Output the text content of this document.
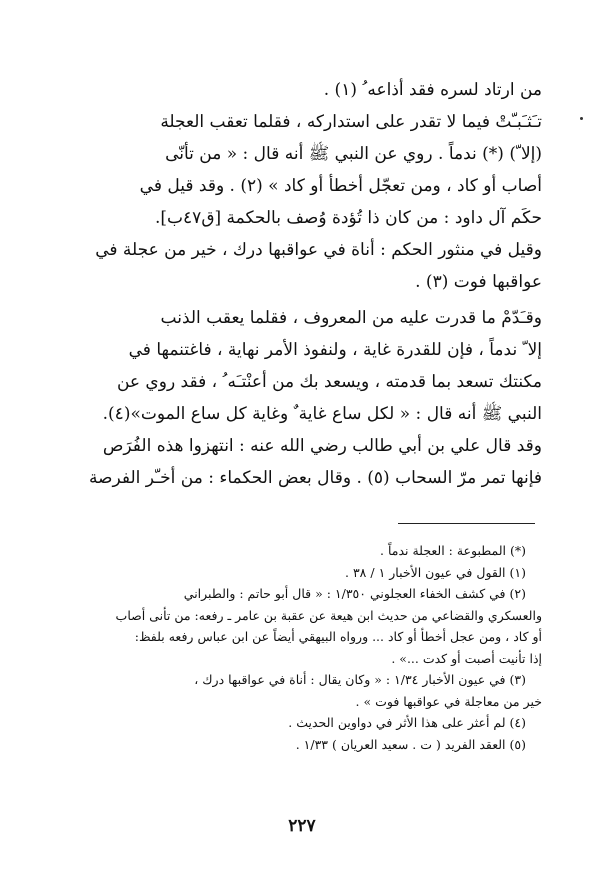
من ارتاد لسره فقد أذاعه ُ (١) .
تـَثـَبـّتْ فيما لا تقدر على استداركه ، فقلما تعقب العجلة
(إلا ّ) (*) ندماً . روي عن النبي ﷺ أنه قال : « من تأنّى
أصاب أو كاد ، ومن تعجّل أخطأ أو كاد » (٢) . وقد قيل في
حكَم آل داود : من كان ذا تُؤدة وُصف بالحكمة [ق٤٧ب].
وقيل في منثور الحكم : أناة في عواقبها درك ، خير من عجلة في
عواقبها فوت (٣) .
وقـَدّمْ ما قدرت عليه من المعروف ، فقلما يعقب الذنب
إلا ّ ندماً ، فإن للقدرة غاية ، ولنفوذ الأمر نهاية ، فاغتنمها في
مكنتك تسعد بما قدمته ، ويسعد بك من أعنْتـَه ُ ، فقد روي عن
النبي ﷺ أنه قال : « لكل ساع غاية ٌ وغاية كل ساع الموت»(٤).
وقد قال علي بن أبي طالب رضي الله عنه : انتهزوا هذه الفُرَص
فإنها تمر مرّ السحاب (٥) . وقال بعض الحكماء : من أخـّر الفرصة
(*) المطبوعة : العجلة ندماً .
(١) القول في عيون الأخبار ١ / ٣٨ .
(٢) في كشف الخفاء العجلوني ١/٣٥٠ : « قال أبو حاتم : والطبراني
والعسكري والقضاعي من حديث ابن هيعة عن عقبة بن عامر ـ رفعه: من تأنى أصاب
أو كاد ، ومن عجل أخطأ أو كاد ... ورواه البيهقي أيضاً عن ابن عباس رفعه بلفظ:
إذا تأنيت أصبت أو كدت ...» .
(٣) في عيون الأخبار ١/٣٤ : « وكان يقال : أناة في عواقبها درك ،
خير من معاجلة في عواقبها فوت » .
(٤) لم أعثر على هذا الأثر في دواوين الحديث .
(٥) العقد الفريد ( ت . سعيد العريان ) ١/٣٣ .
٢٢٧
